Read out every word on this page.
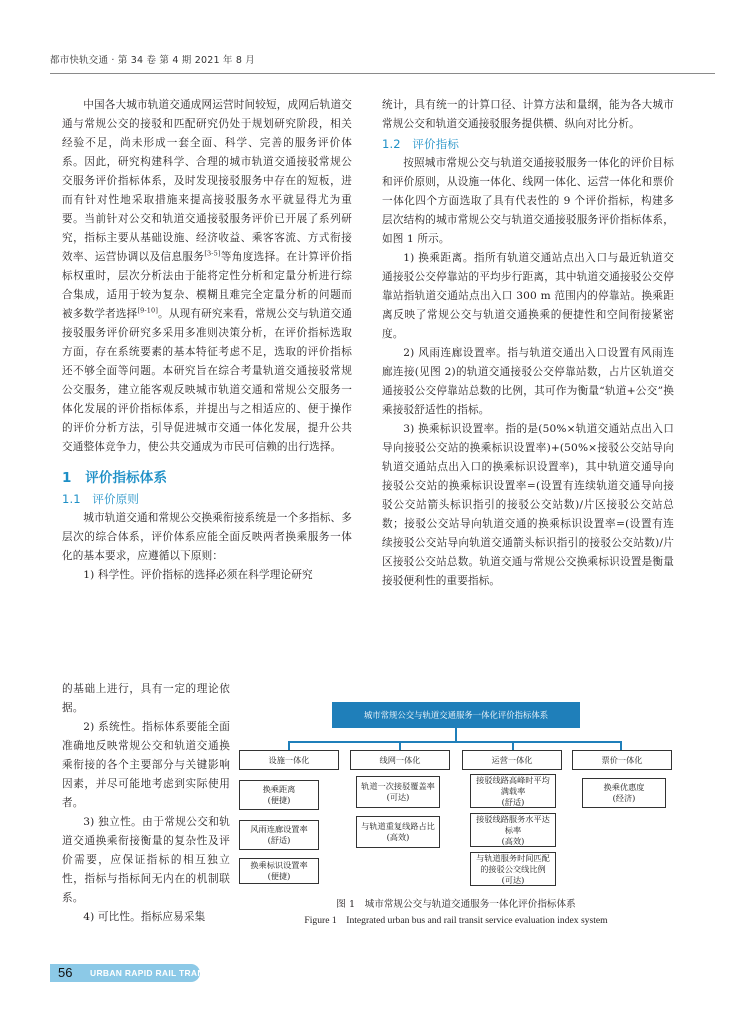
都市快轨交通 · 第 34 卷 第 4 期 2021 年 8 月

中国各大城市轨道交通成网运营时间较短，成网后轨道交通与常规公交的接驳和匹配研究仍处于规划研究阶段，相关经验不足，尚未形成一套全面、科学、完善的服务评价体系。因此，研究构建科学、合理的城市轨道交通接驳常规公交服务评价指标体系，及时发现接驳服务中存在的短板，进而有针对性地采取措施来提高接驳服务水平就显得尤为重要。当前针对公交和轨道交通接驳服务评价已开展了系列研究，指标主要从基础设施、经济收益、乘客客流、方式衔接效率、运营协调以及信息服务[3-5]等角度选择。在计算评价指标权重时，层次分析法由于能将定性分析和定量分析进行综合集成，适用于较为复杂、模糊且难完全定量分析的问题而被多数学者选择[9-10]。从现有研究来看，常规公交与轨道交通接驳服务评价研究多采用多准则决策分析，在评价指标选取方面，存在系统要素的基本特征考虑不足，选取的评价指标还不够全面等问题。本研究旨在综合考量轨道交通接驳常规公交服务，建立能客观反映城市轨道交通和常规公交服务一体化发展的评价指标体系，并提出与之相适应的、便于操作的评价分析方法，引导促进城市交通一体化发展，提升公共交通整体竞争力，使公共交通成为市民可信赖的出行选择。

1　评价指标体系

1.1　评价原则

城市轨道交通和常规公交换乘衔接系统是一个多指标、多层次的综合体系，评价体系应能全面反映两者换乘服务一体化的基本要求，应遵循以下原则：

1) 科学性。评价指标的选择必须在科学理论研究

的基础上进行，具有一定的理论依据。

2) 系统性。指标体系要能全面准确地反映常规公交和轨道交通换乘衔接的各个主要部分与关键影响因素，并尽可能地考虑到实际使用者。

3) 独立性。由于常规公交和轨道交通换乘衔接衡量的复杂性及评价需要，应保证指标的相互独立性，指标与指标间无内在的机制联系。

4) 可比性。指标应易采集

统计，具有统一的计算口径、计算方法和量纲，能为各大城市常规公交和轨道交通接驳服务提供横、纵向对比分析。

1.2　评价指标

按照城市常规公交与轨道交通接驳服务一体化的评价目标和评价原则，从设施一体化、线网一体化、运营一体化和票价一体化四个方面选取了具有代表性的 9 个评价指标，构建多层次结构的城市常规公交与轨道交通接驳服务评价指标体系，如图 1 所示。

1) 换乘距离。指所有轨道交通站点出入口与最近轨道交通接驳公交停靠站的平均步行距离，其中轨道交通接驳公交停靠站指轨道交通站点出入口 300 m 范围内的停靠站。换乘距离反映了常规公交与轨道交通换乘的便捷性和空间衔接紧密度。

2) 风雨连廊设置率。指与轨道交通出入口设置有风雨连廊连接(见图 2)的轨道交通接驳公交停靠站数，占片区轨道交通接驳公交停靠站总数的比例，其可作为衡量“轨道+公交”换乘接驳舒适性的指标。

3) 换乘标识设置率。指的是(50%×轨道交通站点出入口导向接驳公交站的换乘标识设置率)+(50%×接驳公交站导向轨道交通站点出入口的换乘标识设置率)，其中轨道交通导向接驳公交站的换乘标识设置率=(设置有连续轨道交通导向接驳公交站箭头标识指引的接驳公交站数)/片区接驳公交站总数；接驳公交站导向轨道交通的换乘标识设置率=(设置有连续接驳公交站导向轨道交通箭头标识指引的接驳公交站数)/片区接驳公交站总数。轨道交通与常规公交换乘标识设置是衡量接驳便利性的重要指标。

城市常规公交与轨道交通服务一体化评价指标体系
设施一体化	线网一体化	运营一体化	票价一体化
换乘距离
(便捷)
风雨连廊设置率
(舒适)
换乘标识设置率
(便捷)
轨道一次接驳覆盖率
(可达)
与轨道重复线路占比
(高效)
接驳线路高峰时平均满载率
(舒适)
接驳线路服务水平达标率
(高效)
与轨道服务时间匹配的接驳公交线比例
(可达)
换乘优惠度
(经济)
图 1　城市常规公交与轨道交通服务一体化评价指标体系
Figure 1　Integrated urban bus and rail transit service evaluation index system
56 URBAN RAPID RAIL TRANSIT
